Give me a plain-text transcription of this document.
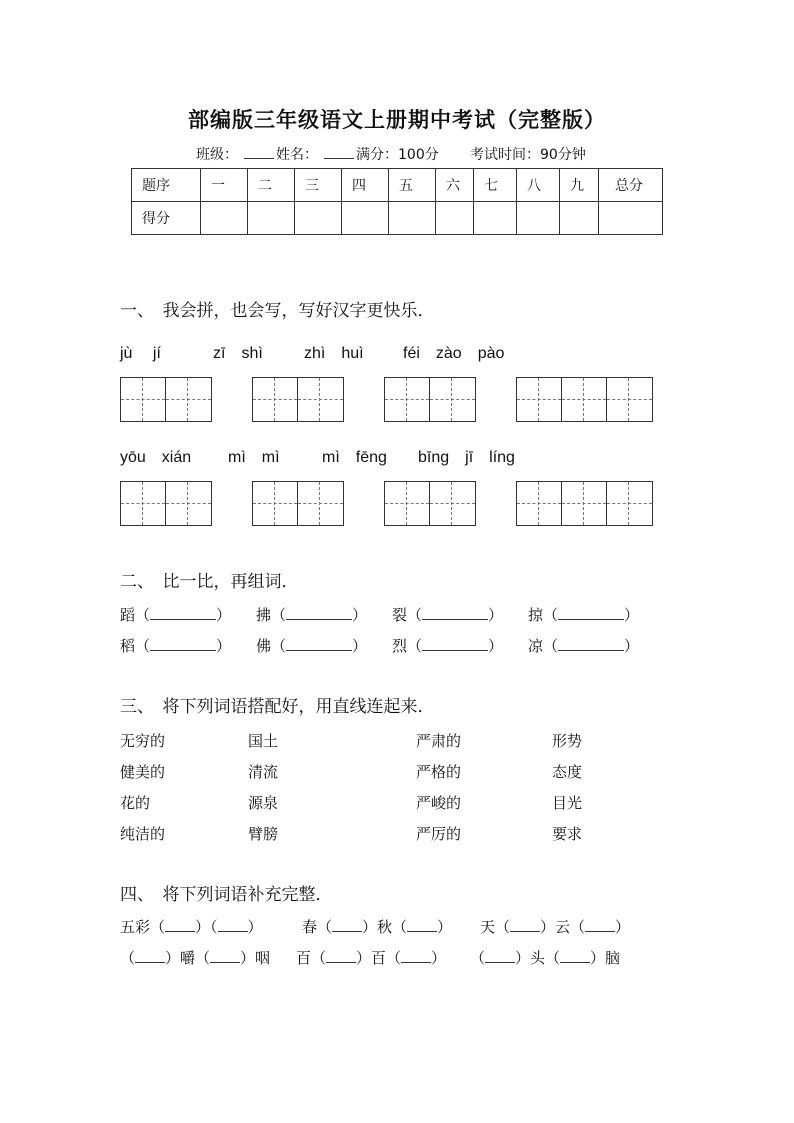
部编版三年级语文上册期中考试（完整版）
班级：	姓名：	满分：100分 考试时间：90分钟
题序	一	二	三	四	五	六	七	八	九	总分
得分										
一、　我会拼，也会写，写好汉字更快乐．
jù　 jí	zī　shì	zhì　huì féi　zào　pào
yōu　xián mì　mì	mì　fēng bīng　jī　líng
二、　比一比，再组词．
蹈（	） 拂（	） 裂（	） 掠（	）
稻（	） 佛（	） 烈（	） 凉（	）
三、　将下列词语搭配好，用直线连起来．
无穷的	国土	严肃的	形势
健美的	清流	严格的	态度
花的	源泉	严峻的	目光
纯洁的	臂膀	严厉的	要求
四、　将下列词语补充完整．
五彩（ ）（ ）	春（ ）秋（ ） 天（ ）云（ ）
（ ）嚼（ ）咽 百（ ）百（ ） （ ）头（ ）脑
